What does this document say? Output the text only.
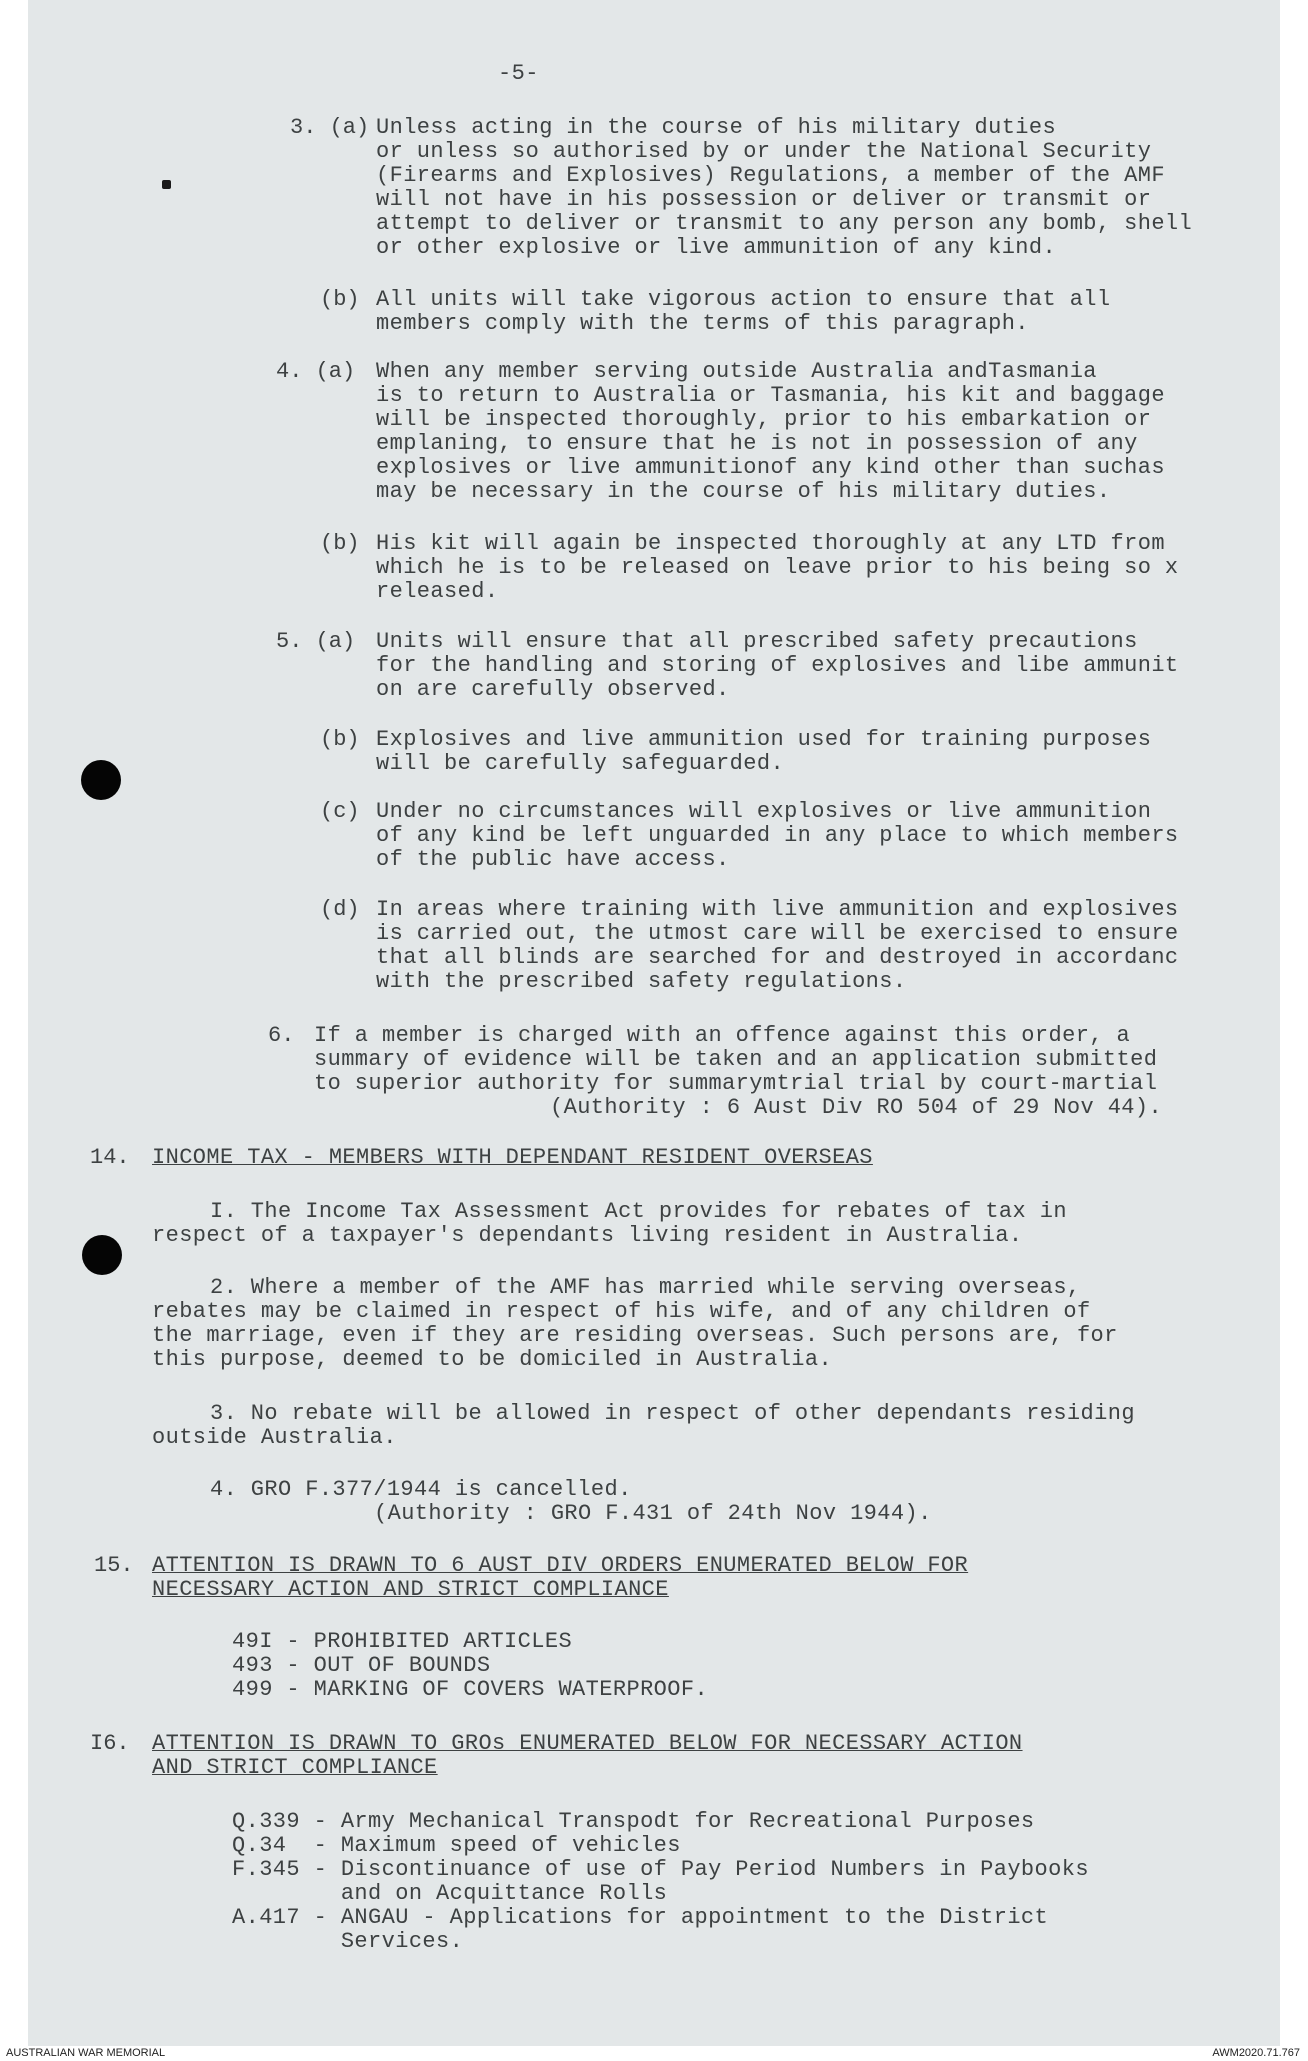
-5-
3. (a) Unless acting in the course of his military duties
or unless so authorised by or under the National Security
(Firearms and Explosives) Regulations, a member of the AMF
will not have in his possession or deliver or transmit or
attempt to deliver or transmit to any person any bomb, shell
or other explosive or live ammunition of any kind.
(b) All units will take vigorous action to ensure that all
members comply with the terms of this paragraph.
4. (a) When any member serving outside Australia andTasmania
is to return to Australia or Tasmania, his kit and baggage
will be inspected thoroughly, prior to his embarkation or
emplaning, to ensure that he is not in possession of any
explosives or live ammunitionof any kind other than suchas
may be necessary in the course of his military duties.
(b) His kit will again be inspected thoroughly at any LTD from
which he is to be released on leave prior to his being so x
released.
5. (a) Units will ensure that all prescribed safety precautions
for the handling and storing of explosives and libe ammunit
on are carefully observed.
(b) Explosives and live ammunition used for training purposes
will be carefully safeguarded.
(c) Under no circumstances will explosives or live ammunition
of any kind be left unguarded in any place to which members
of the public have access.
(d) In areas where training with live ammunition and explosives
is carried out, the utmost care will be exercised to ensure
that all blinds are searched for and destroyed in accordanc
with the prescribed safety regulations.
6. If a member is charged with an offence against this order, a
summary of evidence will be taken and an application submitted
to superior authority for summarymtrial trial by court-martial
(Authority : 6 Aust Div RO 504 of 29 Nov 44).
14. INCOME TAX - MEMBERS WITH DEPENDANT RESIDENT OVERSEAS
I. The Income Tax Assessment Act provides for rebates of tax in
respect of a taxpayer's dependants living resident in Australia.
2. Where a member of the AMF has married while serving overseas,
rebates may be claimed in respect of his wife, and of any children of
the marriage, even if they are residing overseas. Such persons are, for
this purpose, deemed to be domiciled in Australia.
3. No rebate will be allowed in respect of other dependants residing
outside Australia.
4. GRO F.377/1944 is cancelled.
(Authority : GRO F.431 of 24th Nov 1944).
15. ATTENTION IS DRAWN TO 6 AUST DIV ORDERS ENUMERATED BELOW FOR
NECESSARY ACTION AND STRICT COMPLIANCE
49I - PROHIBITED ARTICLES
493 - OUT OF BOUNDS
499 - MARKING OF COVERS WATERPROOF.
I6. ATTENTION IS DRAWN TO GROs ENUMERATED BELOW FOR NECESSARY ACTION
AND STRICT COMPLIANCE
Q.339 - Army Mechanical Transpodt for Recreational Purposes
Q.34  - Maximum speed of vehicles
F.345 - Discontinuance of use of Pay Period Numbers in Paybooks
and on Acquittance Rolls
A.417 - ANGAU - Applications for appointment to the District
Services.
AUSTRALIAN WAR MEMORIAL	AWM2020.71.767
